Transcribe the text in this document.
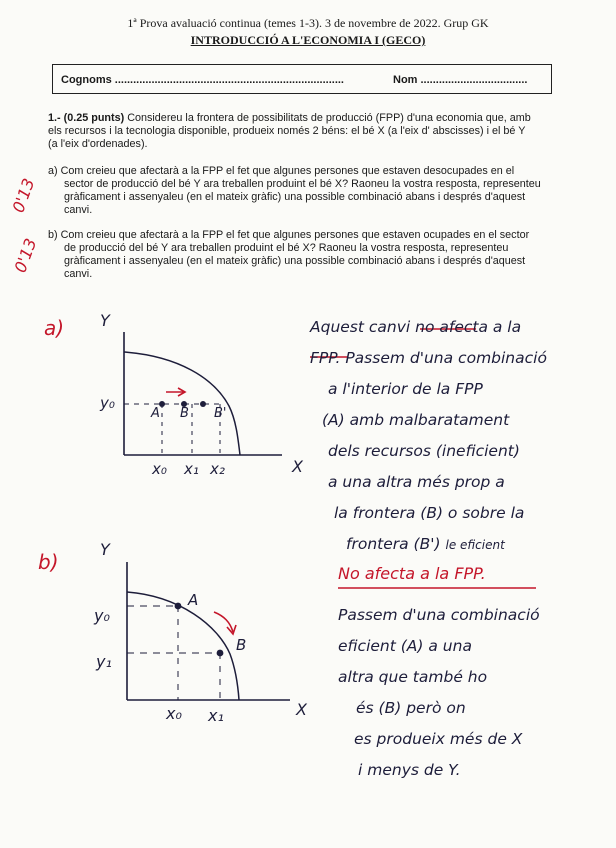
1ª Prova avaluació continua (temes 1-3). 3 de novembre de 2022. Grup GK
INTRODUCCIÓ A L'ECONOMIA I (GECO)
Cognoms ...........................................................................	Nom ...................................
1.- (0.25 punts) Considereu la frontera de possibilitats de producció (FPP) d'una economia que, amb
els recursos i la tecnologia disponible, produeix només 2 béns: el bé X (a l'eix d' abscisses) i el bé Y
(a l'eix d'ordenades).
a) Com creieu que afectarà a la FPP el fet que algunes persones que estaven desocupades en el
sector de producció del bé Y ara treballen produint el bé X? Raoneu la vostra resposta, representeu
gràficament i assenyaleu (en el mateix gràfic) una possible combinació abans i després d'aquest
canvi.
b) Com creieu que afectarà a la FPP el fet que algunes persones que estaven ocupades en el sector
de producció del bé Y ara treballen produint el bé X? Raoneu la vostra resposta, representeu
gràficament i assenyaleu (en el mateix gràfic) una possible combinació abans i després d'aquest
canvi.
0'13
0'13
a) Y
X
y₀
x₀ x₁ x₂
A B B'
Aquest canvi no afecta a la
FPP. Passem d'una combinació
a l'interior de la FPP
(A) amb malbaratament
dels recursos (ineficient)
a una altra més prop a
la frontera (B) o sobre la
frontera (B') le eficient
b)
Y
X
y₀
y₁
x₀ x₁
A
B
No afecta a la FPP.
Passem d'una combinació
eficient (A) a una
altra que també ho
és (B) però on
es produeix més de X
i menys de Y.
